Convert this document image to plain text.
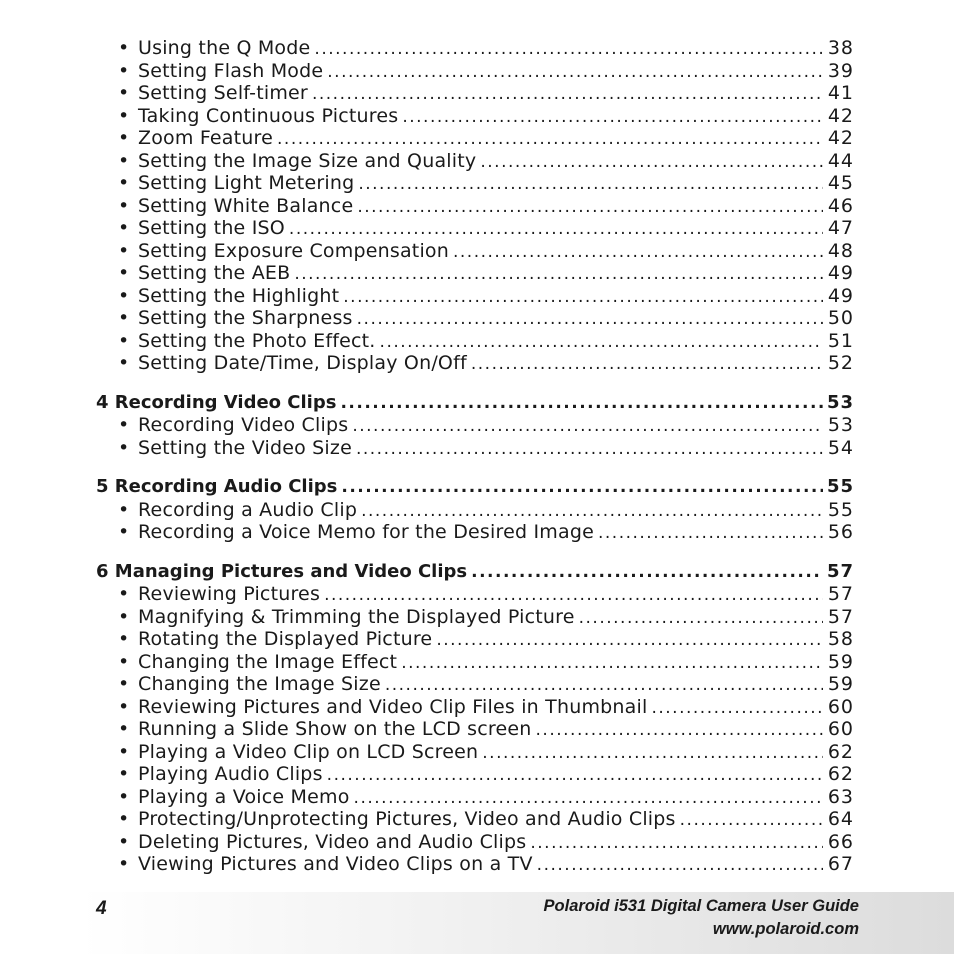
• Using the Q Mode .....	38
• Setting Flash Mode .....	39
• Setting Self-timer .....	41
• Taking Continuous Pictures .....	42
• Zoom Feature .....	42
• Setting the Image Size and Quality .....	44
• Setting Light Metering .....	45
• Setting White Balance .....	46
• Setting the ISO .....	47
• Setting Exposure Compensation .....	48
• Setting the AEB .....	49
• Setting the Highlight .....	49
• Setting the Sharpness .....	50
• Setting the Photo Effect. .....	51
• Setting Date/Time, Display On/Off .....	52
4 Recording Video Clips .....	53
• Recording Video Clips .....	53
• Setting the Video Size .....	54
5 Recording Audio Clips .....	55
• Recording a Audio Clip .....	55
• Recording a Voice Memo for the Desired Image .....	56
6 Managing Pictures and Video Clips .....	57
• Reviewing Pictures .....	57
• Magnifying & Trimming the Displayed Picture .....	57
• Rotating the Displayed Picture .....	58
• Changing the Image Effect .....	59
• Changing the Image Size .....	59
• Reviewing Pictures and Video Clip Files in Thumbnail .....	60
• Running a Slide Show on the LCD screen .....	60
• Playing a Video Clip on LCD Screen .....	62
• Playing Audio Clips .....	62
• Playing a Voice Memo .....	63
• Protecting/Unprotecting Pictures, Video and Audio Clips .....	64
• Deleting Pictures, Video and Audio Clips .....	66
• Viewing Pictures and Video Clips on a TV .....	67
4	Polaroid i531 Digital Camera User Guide
www.polaroid.com
